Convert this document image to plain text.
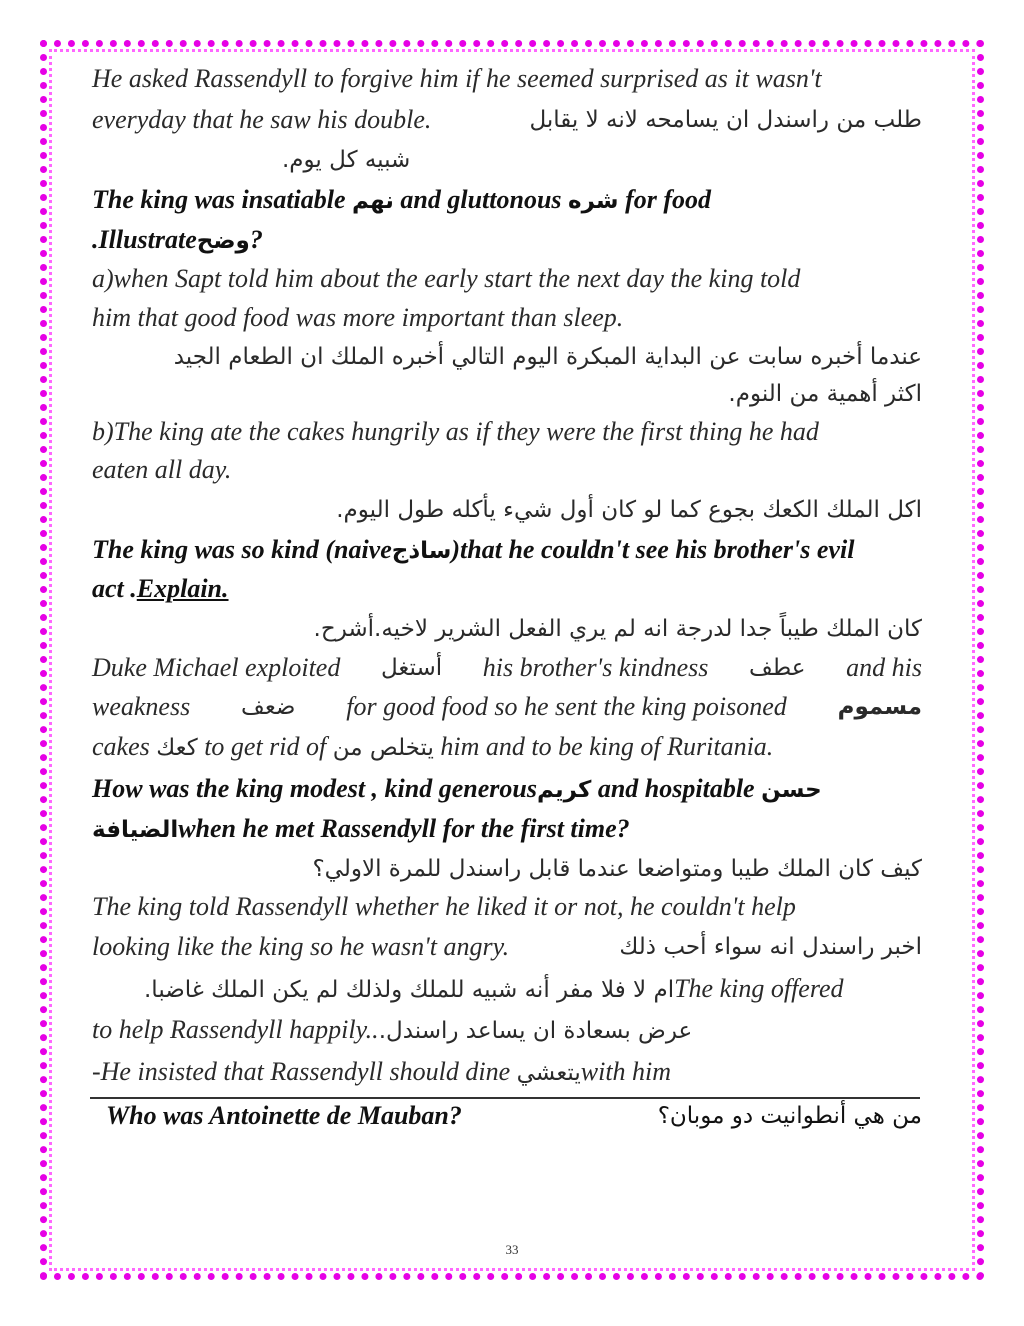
He asked Rassendyll to forgive him if he seemed surprised as it wasn't
everyday that he saw his double.	طلب من راسندل ان يسامحه لانه لا يقابل
شبيه كل يوم.
The king was insatiable نهم and gluttonous شره for food
.Illustrateوضح?
a)when Sapt told him about the early start the next day the king told
him that good food was more important than sleep.
عندما أخبره سابت عن البداية المبكرة اليوم التالي أخبره الملك ان الطعام الجيد
اكثر أهمية من النوم.
b)The king ate the cakes hungrily as if they were the first thing he had
eaten all day.
اكل الملك الكعك بجوع كما لو كان أول شيء يأكله طول اليوم.
The king was so kind (naiveساذج)that he couldn't see his brother's evil
act .Explain.
كان الملك طيباً جدا لدرجة انه لم يري الفعل الشرير لاخيه.أشرح.
Duke Michael exploited أستغل his brother's kindness عطف and his
weakness ضعف for good food so he sent the king poisoned مسموم
cakes كعك to get rid of يتخلص من him and to be king of Ruritania.
How was the king modest , kind generousكريم and hospitable حسن
الضيافةwhen he met Rassendyll for the first time?
كيف كان الملك طيبا ومتواضعا عندما قابل راسندل للمرة الاولي؟
The king told Rassendyll whether he liked it or not, he couldn't help
looking like the king so he wasn't angry.	اخبر راسندل انه سواء أحب ذلك
ام لا فلا مفر أنه شبيه للملك ولذلك لم يكن الملك غاضبا.The king offered
to help Rassendyll happily..عرض بسعادة ان يساعد راسندل.
-He insisted that Rassendyll should dine يتعشيwith him
Who was Antoinette de Mauban?	من هي أنطوانيت دو موبان؟
33
